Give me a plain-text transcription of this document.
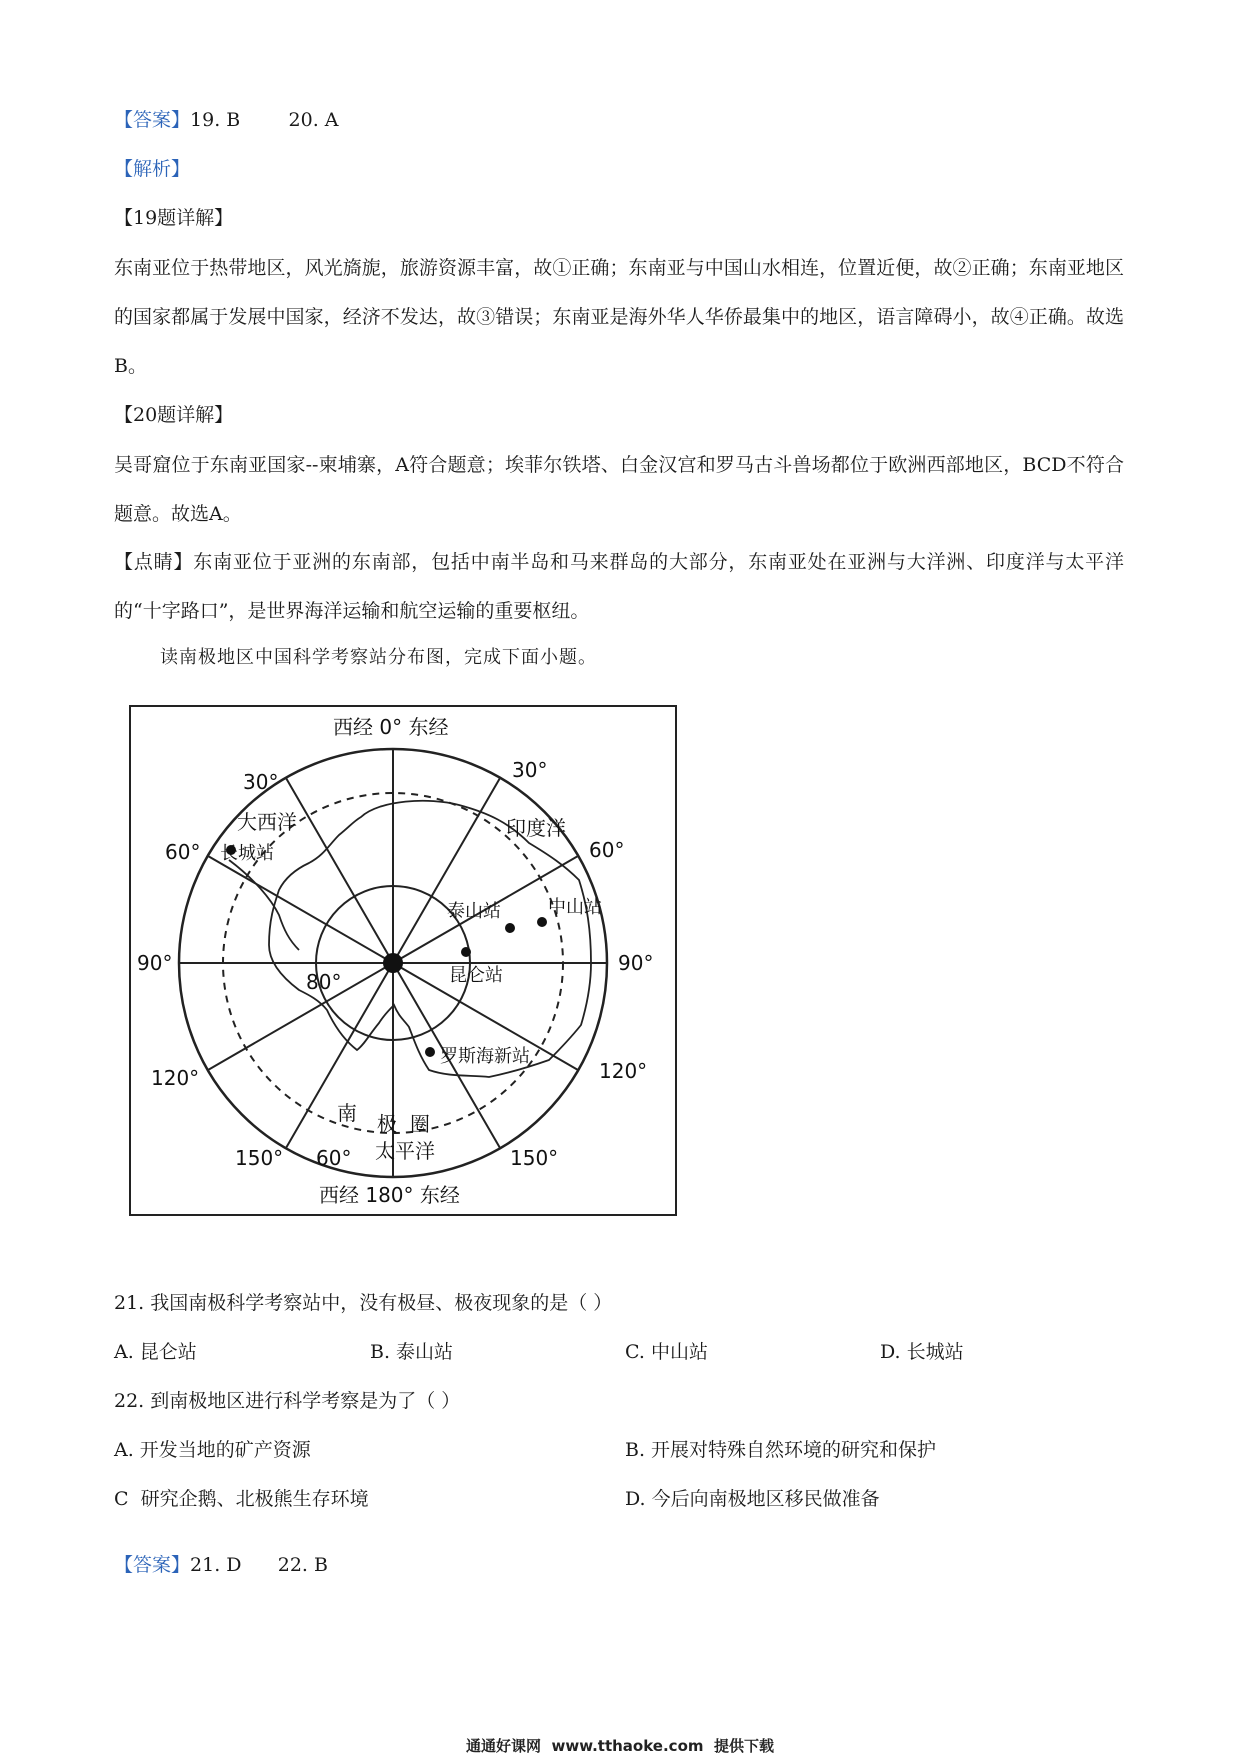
【答案】19. B        20. A
【解析】
【19题详解】
东南亚位于热带地区，风光旖旎，旅游资源丰富，故①正确；东南亚与中国山水相连，位置近便，故②正确；东南亚地区的国家都属于发展中国家，经济不发达，故③错误；东南亚是海外华人华侨最集中的地区，语言障碍小，故④正确。故选B。
【20题详解】
吴哥窟位于东南亚国家--柬埔寨，A符合题意；埃菲尔铁塔、白金汉宫和罗马古斗兽场都位于欧洲西部地区，BCD不符合题意。故选A。
【点睛】东南亚位于亚洲的东南部，包括中南半岛和马来群岛的大部分，东南亚处在亚洲与大洋洲、印度洋与太平洋的“十字路口”，是世界海洋运输和航空运输的重要枢纽。
读南极地区中国科学考察站分布图，完成下面小题。
西经 0° 东经
西经 180° 东经
30°	30°
60°	60°
90°	90°
120°	120°
150°	150°
80°
60°
南 极 圈
大西洋	印度洋
太平洋
长城站
泰山站	中山站
昆仑站
罗斯海新站
21. 我国南极科学考察站中，没有极昼、极夜现象的是（ ）
A. 昆仑站	B. 泰山站	C. 中山站	D. 长城站
22. 到南极地区进行科学考察是为了（ ）
A. 开发当地的矿产资源	B. 开展对特殊自然环境的研究和保护
C  研究企鹅、北极熊生存环境	D. 今后向南极地区移民做准备
【答案】21. D      22. B
通通好课网  www.tthaoke.com  提供下载
